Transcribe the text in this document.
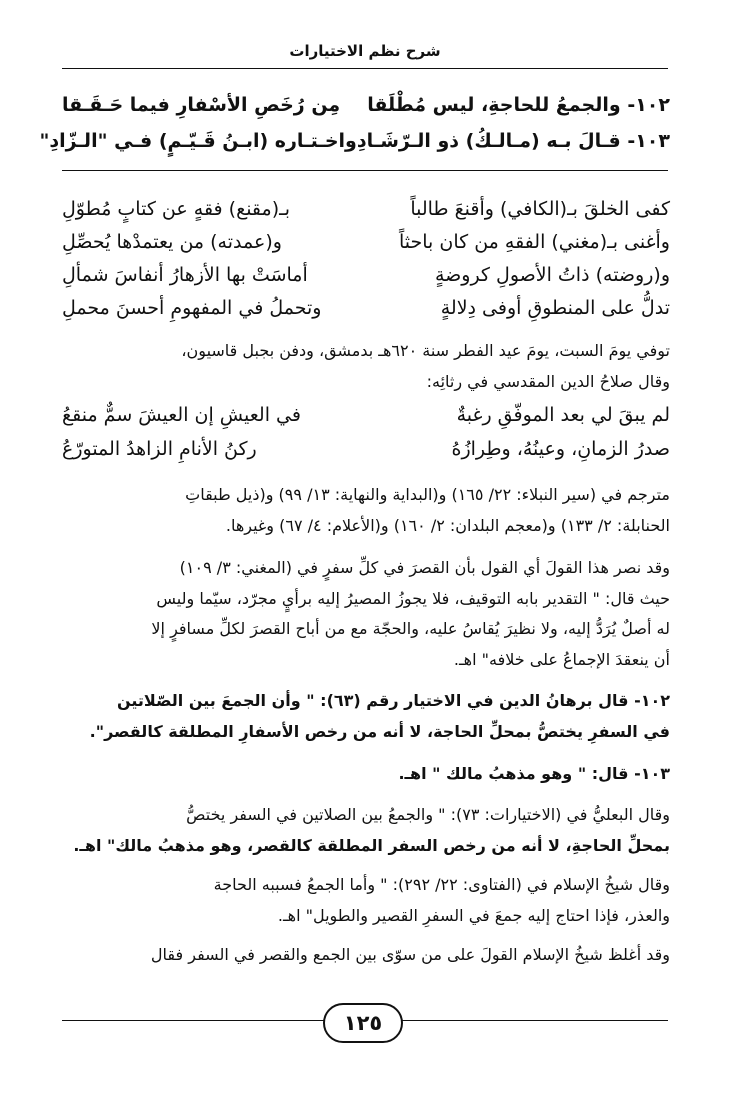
شرح نظم الاختيارات
١٠٢- والجمعُ للحاجةِ، ليس مُطْلَقا
مِن رُخَصِ الأسْفارِ فيما حَـقَـقا
١٠٣- قـالَ بـه (مـالـكُ) ذو الـرّشَـادِ
واخـتـاره (ابـنُ قَـيّـمٍ) فـي "الـزّادِ"
كفى الخلقَ بـ(الكافي) وأقنعَ طالباً
بـ(مقنع) فقهٍ عن كتابٍ مُطوّلِ
وأغنى بـ(مغني) الفقهِ من كان باحثاً
و(عمدته) من يعتمدْها يُحصِّلِ
و(روضته) ذاتُ الأصولِ كروضةٍ
أماسَتْ بها الأزهارُ أنفاسَ شمألِ
تدلُّ على المنطوقِ أوفى دِلالةٍ
وتحملُ في المفهومِ أحسنَ محملِ
توفي يومَ السبت، يومَ عيد الفطر سنة ٦٢٠هـ بدمشق، ودفن بجبل قاسيون،
وقال صلاحُ الدين المقدسي في رثائِه:
لم يبقَ لي بعد الموفّقِ رغبةٌ
في العيشِ إن العيشَ سمٌّ منقعُ
صدرُ الزمانِ، وعينُهُ، وطِرازُهُ
ركنُ الأنامِ الزاهدُ المتورّعُ
مترجم في (سير النبلاء: ٢٢/ ١٦٥) و(البداية والنهاية: ١٣/ ٩٩) و(ذيل طبقاتِ
الحنابلة: ٢/ ١٣٣) و(معجم البلدان: ٢/ ١٦٠) و(الأعلام: ٤/ ٦٧) وغيرها.
وقد نصر هذا القولَ أي القول بأن القصرَ في كلِّ سفرٍ في (المغني: ٣/ ١٠٩)
حيث قال: " التقدير بابه التوقيف، فلا يجوزُ المصيرُ إليه برأيٍ مجرّد، سيّما وليس
له أصلٌ يُرَدُّ إليه، ولا نظيرَ يُقاسُ عليه، والحجّة مع من أباح القصرَ لكلِّ مسافرٍ إلا
أن ينعقدَ الإجماعُ على خلافه" اهـ.
١٠٢- قال برهانُ الدين في الاختيار رقم (٦٣): " وأن الجمعَ بين الصّلاتين
في السفرِ يختصُّ بمحلِّ الحاجة، لا أنه من رخص الأسفارِ المطلقة كالقصر".
١٠٣- قال: " وهو مذهبُ مالك " اهـ.
وقال البعليُّ في (الاختيارات: ٧٣): " والجمعُ بين الصلاتين في السفر يختصُّ
بمحلِّ الحاجةِ، لا أنه من رخص السفر المطلقة كالقصر، وهو مذهبُ مالك" اهـ.
وقال شيخُ الإسلام في (الفتاوى: ٢٢/ ٢٩٢): " وأما الجمعُ فسببه الحاجة
والعذر، فإذا احتاج إليه جمعَ في السفرِ القصير والطويل" اهـ.
وقد أغلظ شيخُ الإسلام القولَ على من سوّى بين الجمع والقصر في السفر فقال
١٢٥
